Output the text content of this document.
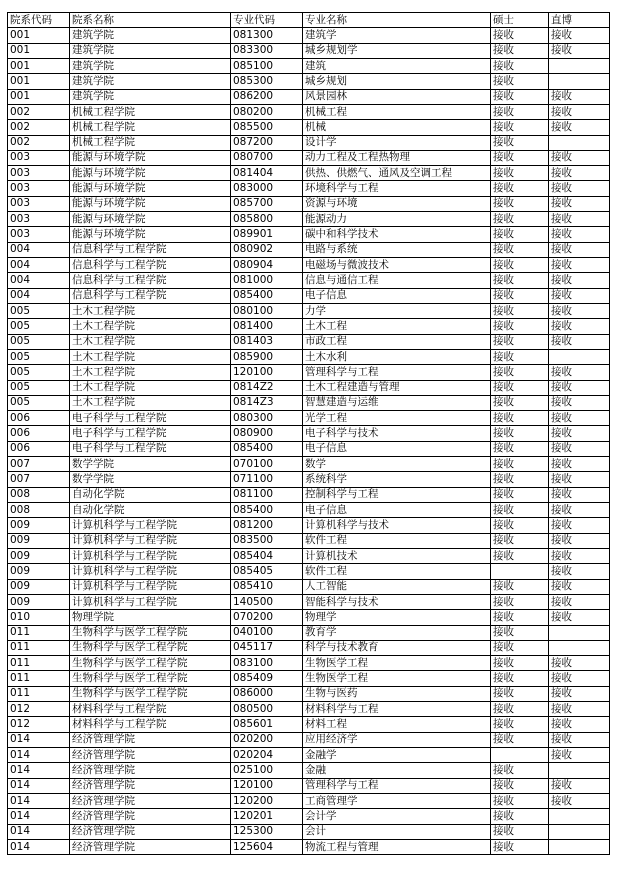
院系代码	院系名称	专业代码	专业名称	硕士	直博
001	建筑学院	081300	建筑学	接收	接收
001	建筑学院	083300	城乡规划学	接收	接收
001	建筑学院	085100	建筑	接收	
001	建筑学院	085300	城乡规划	接收	
001	建筑学院	086200	风景园林	接收	接收
002	机械工程学院	080200	机械工程	接收	接收
002	机械工程学院	085500	机械	接收	接收
002	机械工程学院	087200	设计学	接收	
003	能源与环境学院	080700	动力工程及工程热物理	接收	接收
003	能源与环境学院	081404	供热、供燃气、通风及空调工程	接收	接收
003	能源与环境学院	083000	环境科学与工程	接收	接收
003	能源与环境学院	085700	资源与环境	接收	接收
003	能源与环境学院	085800	能源动力	接收	接收
003	能源与环境学院	089901	碳中和科学技术	接收	接收
004	信息科学与工程学院	080902	电路与系统	接收	接收
004	信息科学与工程学院	080904	电磁场与微波技术	接收	接收
004	信息科学与工程学院	081000	信息与通信工程	接收	接收
004	信息科学与工程学院	085400	电子信息	接收	接收
005	土木工程学院	080100	力学	接收	接收
005	土木工程学院	081400	土木工程	接收	接收
005	土木工程学院	081403	市政工程	接收	接收
005	土木工程学院	085900	土木水利	接收	
005	土木工程学院	120100	管理科学与工程	接收	接收
005	土木工程学院	0814Z2	土木工程建造与管理	接收	接收
005	土木工程学院	0814Z3	智慧建造与运维	接收	接收
006	电子科学与工程学院	080300	光学工程	接收	接收
006	电子科学与工程学院	080900	电子科学与技术	接收	接收
006	电子科学与工程学院	085400	电子信息	接收	接收
007	数学学院	070100	数学	接收	接收
007	数学学院	071100	系统科学	接收	接收
008	自动化学院	081100	控制科学与工程	接收	接收
008	自动化学院	085400	电子信息	接收	接收
009	计算机科学与工程学院	081200	计算机科学与技术	接收	接收
009	计算机科学与工程学院	083500	软件工程	接收	接收
009	计算机科学与工程学院	085404	计算机技术	接收	接收
009	计算机科学与工程学院	085405	软件工程		接收
009	计算机科学与工程学院	085410	人工智能	接收	接收
009	计算机科学与工程学院	140500	智能科学与技术	接收	接收
010	物理学院	070200	物理学	接收	接收
011	生物科学与医学工程学院	040100	教育学	接收	
011	生物科学与医学工程学院	045117	科学与技术教育	接收	
011	生物科学与医学工程学院	083100	生物医学工程	接收	接收
011	生物科学与医学工程学院	085409	生物医学工程	接收	接收
011	生物科学与医学工程学院	086000	生物与医药	接收	接收
012	材料科学与工程学院	080500	材料科学与工程	接收	接收
012	材料科学与工程学院	085601	材料工程	接收	接收
014	经济管理学院	020200	应用经济学	接收	接收
014	经济管理学院	020204	金融学		接收
014	经济管理学院	025100	金融	接收	
014	经济管理学院	120100	管理科学与工程	接收	接收
014	经济管理学院	120200	工商管理学	接收	接收
014	经济管理学院	120201	会计学	接收	
014	经济管理学院	125300	会计	接收	
014	经济管理学院	125604	物流工程与管理	接收	
